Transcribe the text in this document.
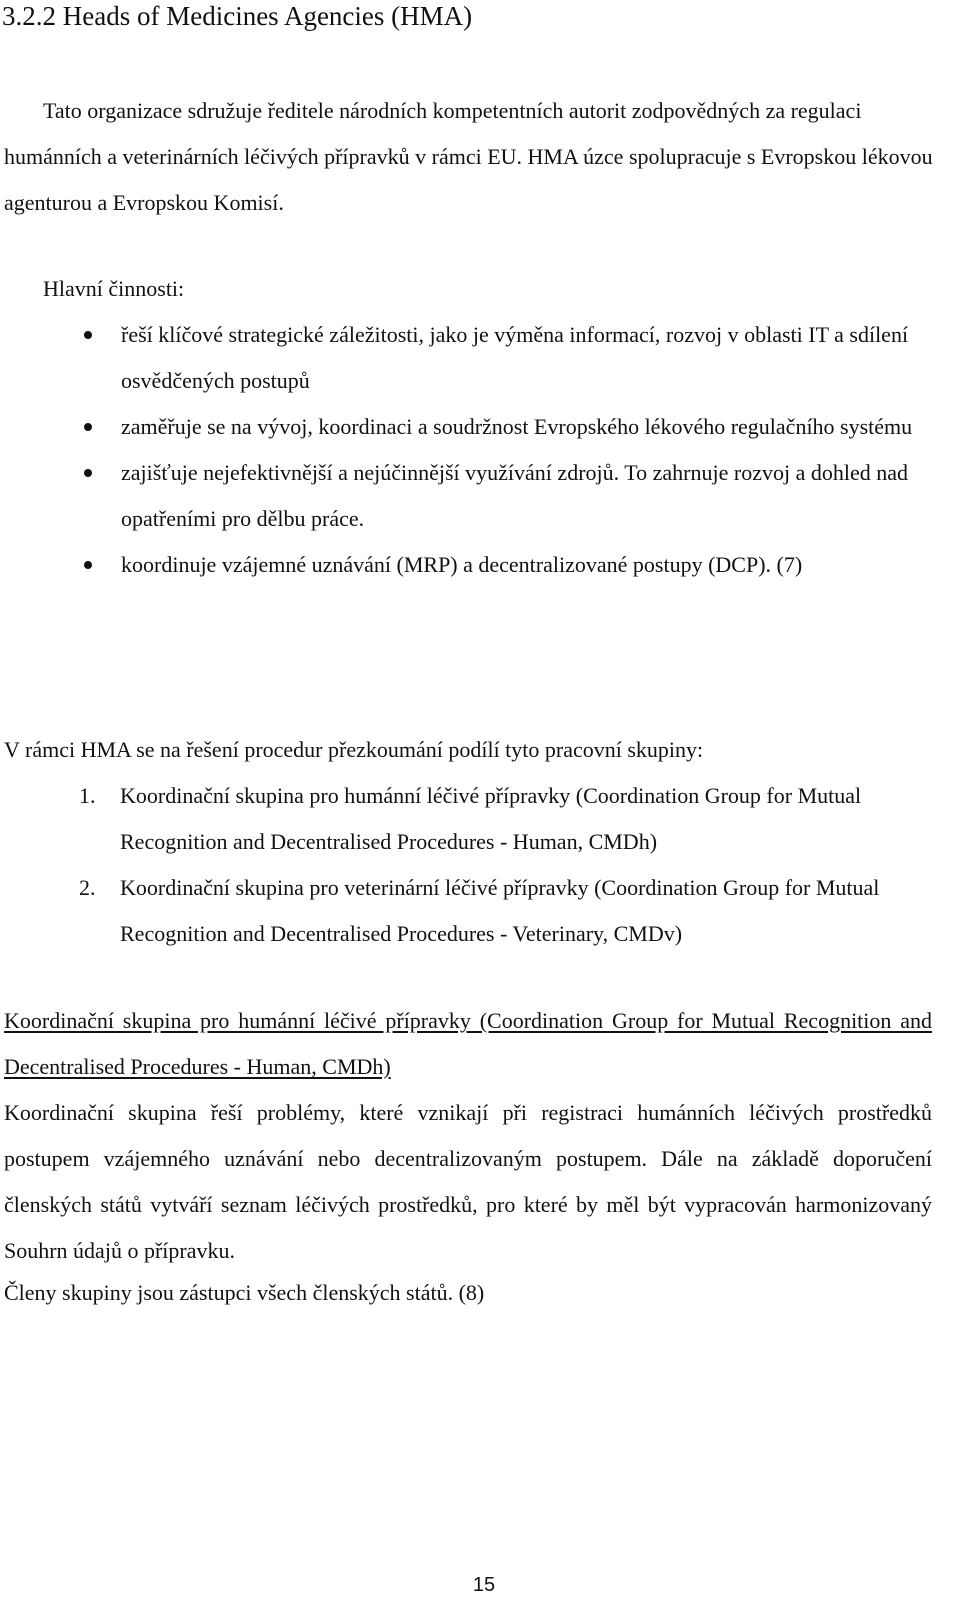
3.2.2 Heads of Medicines Agencies (HMA)

Tato organizace sdružuje ředitele národních kompetentních autorit zodpovědných za regulaci humánních a veterinárních léčivých přípravků v rámci EU. HMA úzce spolupracuje s Evropskou lékovou agenturou a Evropskou Komisí.

Hlavní činnosti:

řeší klíčové strategické záležitosti, jako je výměna informací, rozvoj v oblasti IT a sdílení osvědčených postupů
zaměřuje se na vývoj, koordinaci a soudržnost Evropského lékového regulačního systému
zajišťuje nejefektivnější a nejúčinnější využívání zdrojů. To zahrnuje rozvoj a dohled nad opatřeními pro dělbu práce.
koordinuje vzájemné uznávání (MRP) a decentralizované postupy (DCP). (7)

V rámci HMA se na řešení procedur přezkoumání podílí tyto pracovní skupiny:

1. Koordinační skupina pro humánní léčivé přípravky (Coordination Group for Mutual Recognition and Decentralised Procedures - Human, CMDh)
2. Koordinační skupina pro veterinární léčivé přípravky (Coordination Group for Mutual Recognition and Decentralised Procedures - Veterinary, CMDv)

Koordinační skupina pro humánní léčivé přípravky (Coordination Group for Mutual Recognition and Decentralised Procedures - Human, CMDh)

Koordinační skupina řeší problémy, které vznikají při registraci humánních léčivých prostředků postupem vzájemného uznávání nebo decentralizovaným postupem. Dále na základě doporučení členských států vytváří seznam léčivých prostředků, pro které by měl být vypracován harmonizovaný Souhrn údajů o přípravku.

Členy skupiny jsou zástupci všech členských států. (8)

15
